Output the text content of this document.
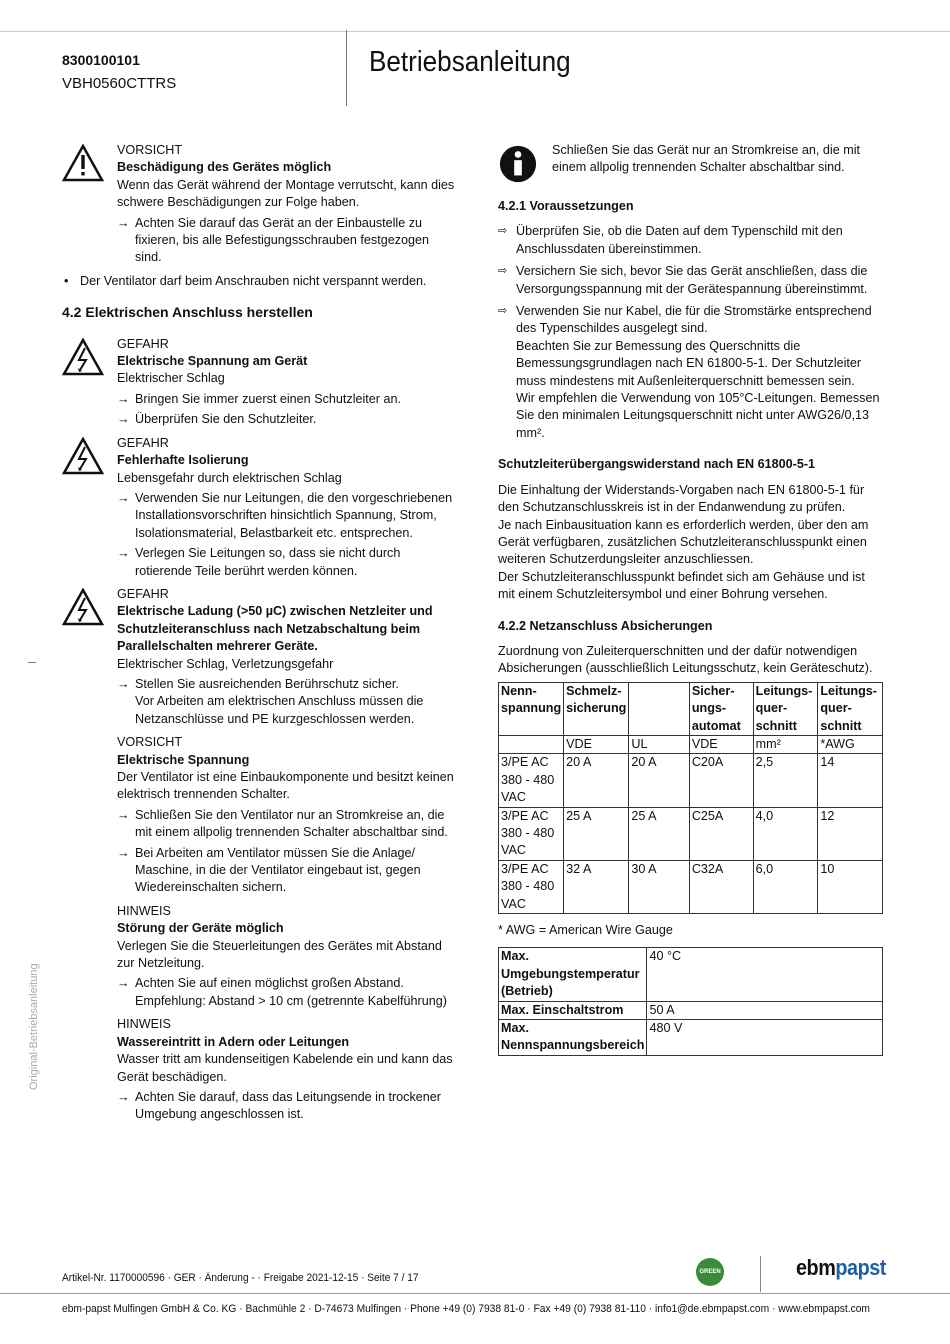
8300100101
VBH0560CTTRS
Betriebsanleitung
Original-Betriebsanleitung

VORSICHT

Beschädigung des Gerätes möglich

Wenn das Gerät während der Montage verrutscht, kann dies schwere Beschädigungen zur Folge haben.

→ Achten Sie darauf das Gerät an der Einbaustelle zu fixieren, bis alle Befestigungsschrauben festgezogen sind.
• Der Ventilator darf beim Anschrauben nicht verspannt werden.

4.2 Elektrischen Anschluss herstellen

GEFAHR

Elektrische Spannung am Gerät

Elektrischer Schlag

→ Bringen Sie immer zuerst einen Schutzleiter an.
→ Überprüfen Sie den Schutzleiter.

GEFAHR

Fehlerhafte Isolierung

Lebensgefahr durch elektrischen Schlag

→ Verwenden Sie nur Leitungen, die den vorgeschriebenen Installationsvorschriften hinsichtlich Spannung, Strom, Isolationsmaterial, Belastbarkeit etc. entsprechen.
→ Verlegen Sie Leitungen so, dass sie nicht durch rotierende Teile berührt werden können.

GEFAHR

Elektrische Ladung (>50 µC) zwischen Netzleiter und Schutzleiteranschluss nach Netzabschaltung beim Parallelschalten mehrerer Geräte.

Elektrischer Schlag, Verletzungsgefahr

→ Stellen Sie ausreichenden Berührschutz sicher.
Vor Arbeiten am elektrischen Anschluss müssen die Netzanschlüsse und PE kurzgeschlossen werden.

VORSICHT

Elektrische Spannung

Der Ventilator ist eine Einbaukomponente und besitzt keinen elektrisch trennenden Schalter.

→ Schließen Sie den Ventilator nur an Stromkreise an, die mit einem allpolig trennenden Schalter abschaltbar sind.
→ Bei Arbeiten am Ventilator müssen Sie die Anlage/ Maschine, in die der Ventilator eingebaut ist, gegen Wiedereinschalten sichern.

HINWEIS

Störung der Geräte möglich

Verlegen Sie die Steuerleitungen des Gerätes mit Abstand zur Netzleitung.

→ Achten Sie auf einen möglichst großen Abstand.
Empfehlung: Abstand > 10 cm (getrennte Kabelführung)

HINWEIS

Wassereintritt in Adern oder Leitungen

Wasser tritt am kundenseitigen Kabelende ein und kann das Gerät beschädigen.

→ Achten Sie darauf, dass das Leitungsende in trockener Umgebung angeschlossen ist.

Schließen Sie das Gerät nur an Stromkreise an, die mit einem allpolig trennenden Schalter abschaltbar sind.

4.2.1 Voraussetzungen

⇨ Überprüfen Sie, ob die Daten auf dem Typenschild mit den Anschlussdaten übereinstimmen.
⇨ Versichern Sie sich, bevor Sie das Gerät anschließen, dass die Versorgungsspannung mit der Gerätespannung übereinstimmt.
⇨ Verwenden Sie nur Kabel, die für die Stromstärke entsprechend des Typenschildes ausgelegt sind.
Beachten Sie zur Bemessung des Querschnitts die Bemessungsgrundlagen nach EN 61800-5-1. Der Schutzleiter muss mindestens mit Außenleiterquerschnitt bemessen sein.
Wir empfehlen die Verwendung von 105°C-Leitungen. Bemessen Sie den minimalen Leitungsquerschnitt nicht unter AWG26/0,13 mm².

Schutzleiterübergangswiderstand nach EN 61800-5-1

Die Einhaltung der Widerstands-Vorgaben nach EN 61800-5-1 für den Schutzanschlusskreis ist in der Endanwendung zu prüfen.

Je nach Einbausituation kann es erforderlich werden, über den am Gerät verfügbaren, zusätzlichen Schutzleiteranschlusspunkt einen weiteren Schutzerdungsleiter anzuschliessen.

Der Schutzleiteranschlusspunkt befindet sich am Gehäuse und ist mit einem Schutzleitersymbol und einer Bohrung versehen.

4.2.2 Netzanschluss Absicherungen

Zuordnung von Zuleiterquerschnitten und der dafür notwendigen Absicherungen (ausschließlich Leitungsschutz, kein Geräteschutz).

Nenn-spannung	Schmelz-sicherung		Sicher-ungs-automat	Leitungs-quer-schnitt	Leitungs-quer-schnitt
	VDE	UL	VDE	mm²	*AWG
3/PE AC 380 - 480 VAC	20 A	20 A	C20A	2,5	14
3/PE AC 380 - 480 VAC	25 A	25 A	C25A	4,0	12
3/PE AC 380 - 480 VAC	32 A	30 A	C32A	6,0	10

* AWG = American Wire Gauge

Max. Umgebungstemperatur (Betrieb)	40 °C
Max. Einschaltstrom	50 A
Max. Nennspannungsbereich	480 V
Artikel-Nr. 1170000596 · GER · Änderung - · Freigabe 2021-12-15 · Seite 7 / 17	GREEN TECH
ebmpapst
ebm-papst Mulfingen GmbH & Co. KG · Bachmühle 2 · D-74673 Mulfingen · Phone +49 (0) 7938 81-0 · Fax +49 (0) 7938 81-110 · info1@de.ebmpapst.com · www.ebmpapst.com
